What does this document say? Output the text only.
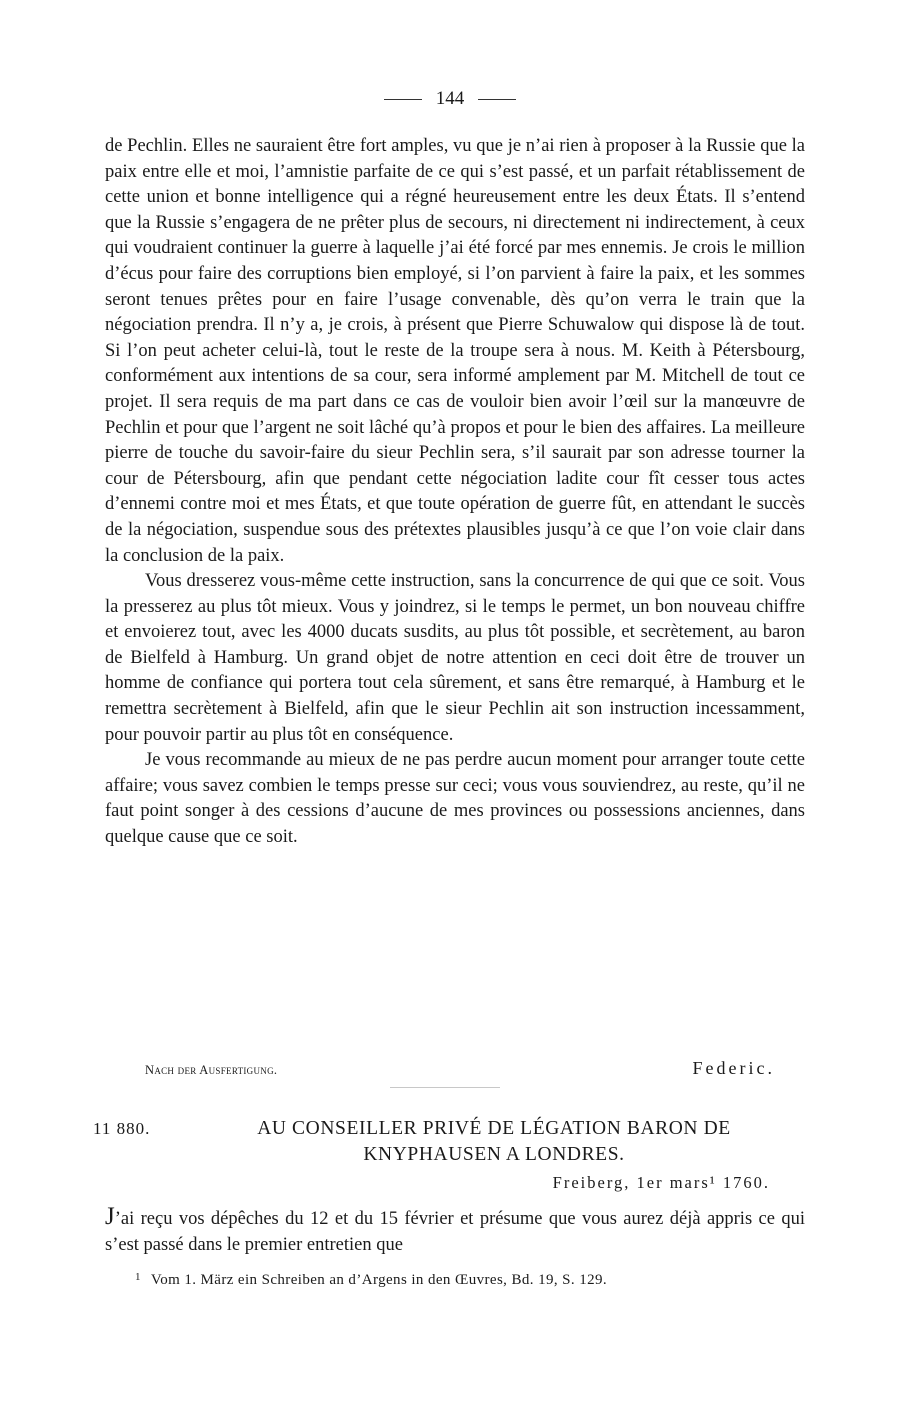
144

de Pechlin. Elles ne sauraient être fort amples, vu que je n’ai rien à proposer à la Russie que la paix entre elle et moi, l’amnistie parfaite de ce qui s’est passé, et un parfait rétablissement de cette union et bonne intelligence qui a régné heureusement entre les deux États. Il s’entend que la Russie s’engagera de ne prêter plus de secours, ni directement ni indirectement, à ceux qui voudraient continuer la guerre à laquelle j’ai été forcé par mes ennemis. Je crois le million d’écus pour faire des corruptions bien employé, si l’on parvient à faire la paix, et les sommes seront tenues prêtes pour en faire l’usage convenable, dès qu’on verra le train que la négociation prendra. Il n’y a, je crois, à présent que Pierre Schuwalow qui dispose là de tout. Si l’on peut acheter celui-là, tout le reste de la troupe sera à nous. M. Keith à Pétersbourg, conformément aux intentions de sa cour, sera informé amplement par M. Mitchell de tout ce projet. Il sera requis de ma part dans ce cas de vouloir bien avoir l’œil sur la manœuvre de Pechlin et pour que l’argent ne soit lâché qu’à propos et pour le bien des affaires. La meilleure pierre de touche du savoir-faire du sieur Pechlin sera, s’il saurait par son adresse tourner la cour de Pétersbourg, afin que pendant cette négociation ladite cour fît cesser tous actes d’ennemi contre moi et mes États, et que toute opération de guerre fût, en attendant le succès de la négociation, suspendue sous des prétextes plausibles jusqu’à ce que l’on voie clair dans la conclusion de la paix.

Vous dresserez vous-même cette instruction, sans la concurrence de qui que ce soit. Vous la presserez au plus tôt mieux. Vous y joindrez, si le temps le permet, un bon nouveau chiffre et envoierez tout, avec les 4000 ducats susdits, au plus tôt possible, et secrètement, au baron de Bielfeld à Hamburg. Un grand objet de notre attention en ceci doit être de trouver un homme de confiance qui portera tout cela sûrement, et sans être remarqué, à Hamburg et le remettra secrètement à Bielfeld, afin que le sieur Pechlin ait son instruction incessamment, pour pouvoir partir au plus tôt en conséquence.

Je vous recommande au mieux de ne pas perdre aucun moment pour arranger toute cette affaire; vous savez combien le temps presse sur ceci; vous vous souviendrez, au reste, qu’il ne faut point songer à des cessions d’aucune de mes provinces ou possessions anciennes, dans quelque cause que ce soit.

Nach der Ausfertigung.	Federic.
11 880.	AU CONSEILLER PRIVÉ DE LÉGATION BARON DE KNYPHAUSEN A LONDRES.

Freiberg, 1er mars¹ 1760.

J’ai reçu vos dépêches du 12 et du 15 février et présume que vous aurez déjà appris ce qui s’est passé dans le premier entretien que

$^1$ Vom 1. März ein Schreiben an d’Argens in den Œuvres, Bd. 19, S. 129.
